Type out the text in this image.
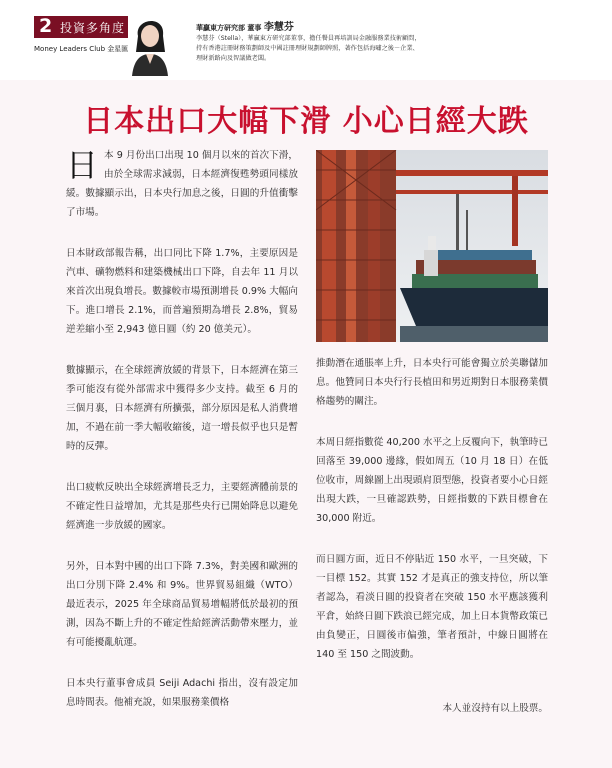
2 投資多角度
Money Leaders Club 金星匯
華贏東方研究部 董事 李慧芬
李慧芬（Stella），華贏東方研究部董事，擔任餐員再培訓局金融服務業技術顧問，持有香港註冊財務策劃師及中國註冊理財規劃師牌照，著作包括海嘯之後－企業、理財新路向及智議做老闆。
日本出口大幅下滑 小心日經大跌

日本 9 月份出口出現 10 個月以來的首次下滑，由於全球需求減弱，日本經濟復甦勢頭同樣放緩。數據顯示出，日本央行加息之後，日圓的升值衝擊了市場。

日本財政部報告稱，出口同比下降 1.7%，主要原因是汽車、礦物燃料和建築機械出口下降，自去年 11 月以來首次出現負增長。數據較市場預測增長 0.9% 大幅向下。進口增長 2.1%，而普遍預期為增長 2.8%，貿易逆差縮小至 2,943 億日圓（約 20 億美元）。

數據顯示，在全球經濟放緩的背景下，日本經濟在第三季可能沒有從外部需求中獲得多少支持。截至 6 月的三個月裏，日本經濟有所擴張，部分原因是私人消費增加，不過在前一季大幅收縮後，這一增長似乎也只是暫時的反彈。

出口疲軟反映出全球經濟增長乏力，主要經濟體前景的不確定性日益增加，尤其是那些央行已開始降息以避免經濟進一步放緩的國家。

另外，日本對中國的出口下降 7.3%，對美國和歐洲的出口分別下降 2.4% 和 9%。世界貿易組織（WTO）最近表示，2025 年全球商品貿易增幅將低於最初的預測，因為不斷上升的不確定性給經濟活動帶來壓力，並有可能擾亂航運。

日本央行董事會成員 Seiji Adachi 指出，沒有設定加息時間表。他補充說，如果服務業價格

推動潛在通脹率上升，日本央行可能會獨立於美聯儲加息。他贊同日本央行行長植田和男近期對日本服務業價格趨勢的關注。

本周日經指數從 40,200 水平之上反覆向下，執筆時已回落至 39,000 邊緣，假如周五（10 月 18 日）在低位收市，周線圖上出現頭肩頂型態，投資者要小心日經出現大跌，一旦確認跌勢，日經指數的下跌目標會在 30,000 附近。

而日圓方面，近日不停貼近 150 水平，一旦突破，下一目標 152。其實 152 才是真正的強支持位，所以筆者認為，看淡日圓的投資者在突破 150 水平應該獲利平倉，始終日圓下跌浪已經完成，加上日本貨幣政策已由負變正，日圓後市偏強，筆者預計，中線日圓將在 140 至 150 之間波動。

本人並沒持有以上股票。
